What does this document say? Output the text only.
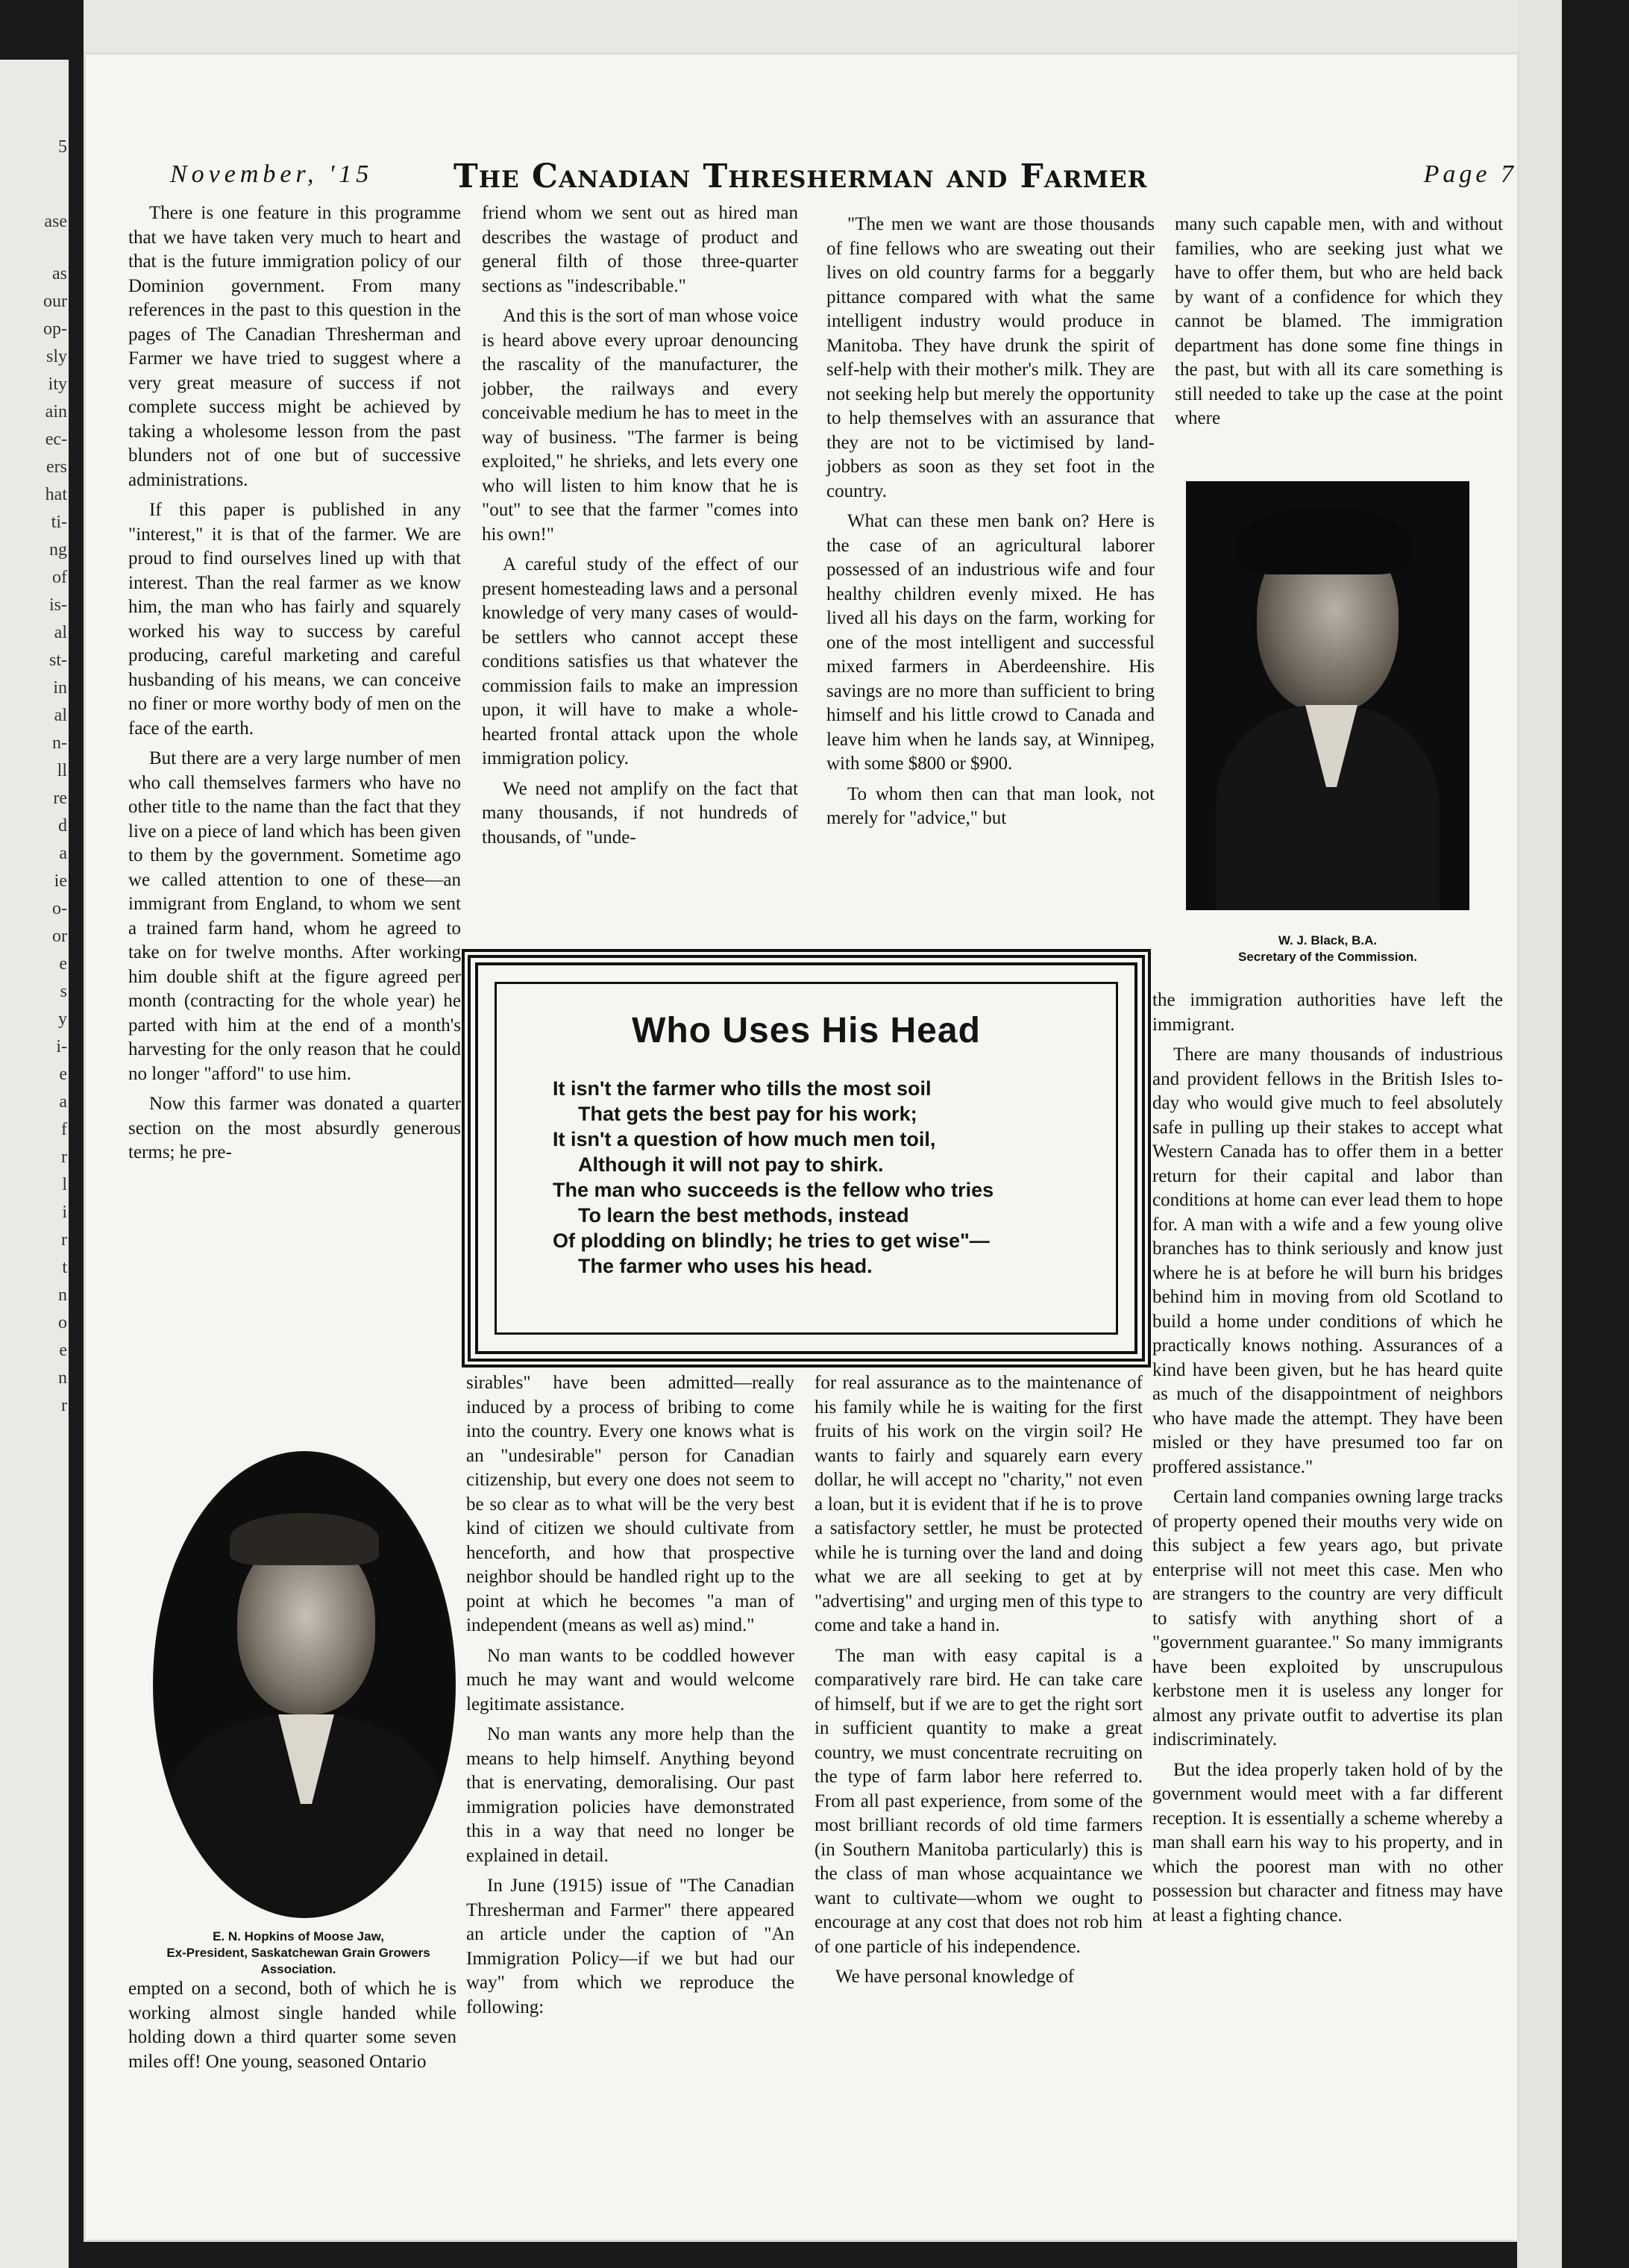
5
ase
as
our
op-
sly
ity
ain
ec-
ers
hat
ti-
ng
of
is-
al
st-
in
al
n-
ll
re
d
a
ie
o-
or
e
s
y
i-
e
a
f
r
l
i
r
t
n
o
e
n
r
November, '15 The Canadian Thresherman and Farmer	Page 7

There is one feature in this programme that we have taken very much to heart and that is the future immigration policy of our Dominion government. From many references in the past to this question in the pages of The Canadian Thresherman and Farmer we have tried to suggest where a very great measure of success if not complete success might be achieved by taking a wholesome lesson from the past blunders not of one but of successive administrations.

If this paper is published in any "interest," it is that of the farmer. We are proud to find ourselves lined up with that interest. Than the real farmer as we know him, the man who has fairly and squarely worked his way to success by careful producing, careful marketing and careful husbanding of his means, we can conceive no finer or more worthy body of men on the face of the earth.

But there are a very large number of men who call themselves farmers who have no other title to the name than the fact that they live on a piece of land which has been given to them by the government. Sometime ago we called attention to one of these—an immigrant from England, to whom we sent a trained farm hand, whom he agreed to take on for twelve months. After working him double shift at the figure agreed per month (contracting for the whole year) he parted with him at the end of a month's harvesting for the only reason that he could no longer "afford" to use him.

Now this farmer was donated a quarter section on the most absurdly generous terms; he pre-

friend whom we sent out as hired man describes the wastage of product and general filth of those three-quarter sections as "indescribable."

And this is the sort of man whose voice is heard above every uproar denouncing the rascality of the manufacturer, the jobber, the railways and every conceivable medium he has to meet in the way of business. "The farmer is being exploited," he shrieks, and lets every one who will listen to him know that he is "out" to see that the farmer "comes into his own!"

A careful study of the effect of our present homesteading laws and a personal knowledge of very many cases of would-be settlers who cannot accept these conditions satisfies us that whatever the commission fails to make an impression upon, it will have to make a whole-hearted frontal attack upon the whole immigration policy.

We need not amplify on the fact that many thousands, if not hundreds of thousands, of "unde-

"The men we want are those thousands of fine fellows who are sweating out their lives on old country farms for a beggarly pittance compared with what the same intelligent industry would produce in Manitoba. They have drunk the spirit of self-help with their mother's milk. They are not seeking help but merely the opportunity to help themselves with an assurance that they are not to be victimised by land-jobbers as soon as they set foot in the country.

What can these men bank on? Here is the case of an agricultural laborer possessed of an industrious wife and four healthy children evenly mixed. He has lived all his days on the farm, working for one of the most intelligent and successful mixed farmers in Aberdeenshire. His savings are no more than sufficient to bring himself and his little crowd to Canada and leave him when he lands say, at Winnipeg, with some $800 or $900.

To whom then can that man look, not merely for "advice," but

many such capable men, with and without families, who are seeking just what we have to offer them, but who are held back by want of a confidence for which they cannot be blamed. The immigration department has done some fine things in the past, but with all its care something is still needed to take up the case at the point where

W. J. Black, B.A.
Secretary of the Commission.
Who Uses His Head
It isn't the farmer who tills the most soil
That gets the best pay for his work;
It isn't a question of how much men toil,
Although it will not pay to shirk.
The man who succeeds is the fellow who tries
To learn the best methods, instead
Of plodding on blindly; he tries to get wise"—
The farmer who uses his head.

the immigration authorities have left the immigrant.

There are many thousands of industrious and provident fellows in the British Isles to-day who would give much to feel absolutely safe in pulling up their stakes to accept what Western Canada has to offer them in a better return for their capital and labor than conditions at home can ever lead them to hope for. A man with a wife and a few young olive branches has to think seriously and know just where he is at before he will burn his bridges behind him in moving from old Scotland to build a home under conditions of which he practically knows nothing. Assurances of a kind have been given, but he has heard quite as much of the disappointment of neighbors who have made the attempt. They have been misled or they have presumed too far on proffered assistance."

Certain land companies owning large tracks of property opened their mouths very wide on this subject a few years ago, but private enterprise will not meet this case. Men who are strangers to the country are very difficult to satisfy with anything short of a "government guarantee." So many immigrants have been exploited by unscrupulous kerbstone men it is useless any longer for almost any private outfit to advertise its plan indiscriminately.

But the idea properly taken hold of by the government would meet with a far different reception. It is essentially a scheme whereby a man shall earn his way to his property, and in which the poorest man with no other possession but character and fitness may have at least a fighting chance.

sirables" have been admitted—really induced by a process of bribing to come into the country. Every one knows what is an "undesirable" person for Canadian citizenship, but every one does not seem to be so clear as to what will be the very best kind of citizen we should cultivate from henceforth, and how that prospective neighbor should be handled right up to the point at which he becomes "a man of independent (means as well as) mind."

No man wants to be coddled however much he may want and would welcome legitimate assistance.

No man wants any more help than the means to help himself. Anything beyond that is enervating, demoralising. Our past immigration policies have demonstrated this in a way that need no longer be explained in detail.

In June (1915) issue of "The Canadian Thresherman and Farmer" there appeared an article under the caption of "An Immigration Policy—if we but had our way" from which we reproduce the following:

for real assurance as to the maintenance of his family while he is waiting for the first fruits of his work on the virgin soil? He wants to fairly and squarely earn every dollar, he will accept no "charity," not even a loan, but it is evident that if he is to prove a satisfactory settler, he must be protected while he is turning over the land and doing what we are all seeking to get at by "advertising" and urging men of this type to come and take a hand in.

The man with easy capital is a comparatively rare bird. He can take care of himself, but if we are to get the right sort in sufficient quantity to make a great country, we must concentrate recruiting on the type of farm labor here referred to. From all past experience, from some of the most brilliant records of old time farmers (in Southern Manitoba particularly) this is the class of man whose acquaintance we want to cultivate—whom we ought to encourage at any cost that does not rob him of one particle of his independence.

We have personal knowledge of

E. N. Hopkins of Moose Jaw,
Ex-President, Saskatchewan Grain Growers
Association.

empted on a second, both of which he is working almost single handed while holding down a third quarter some seven miles off! One young, seasoned Ontario
